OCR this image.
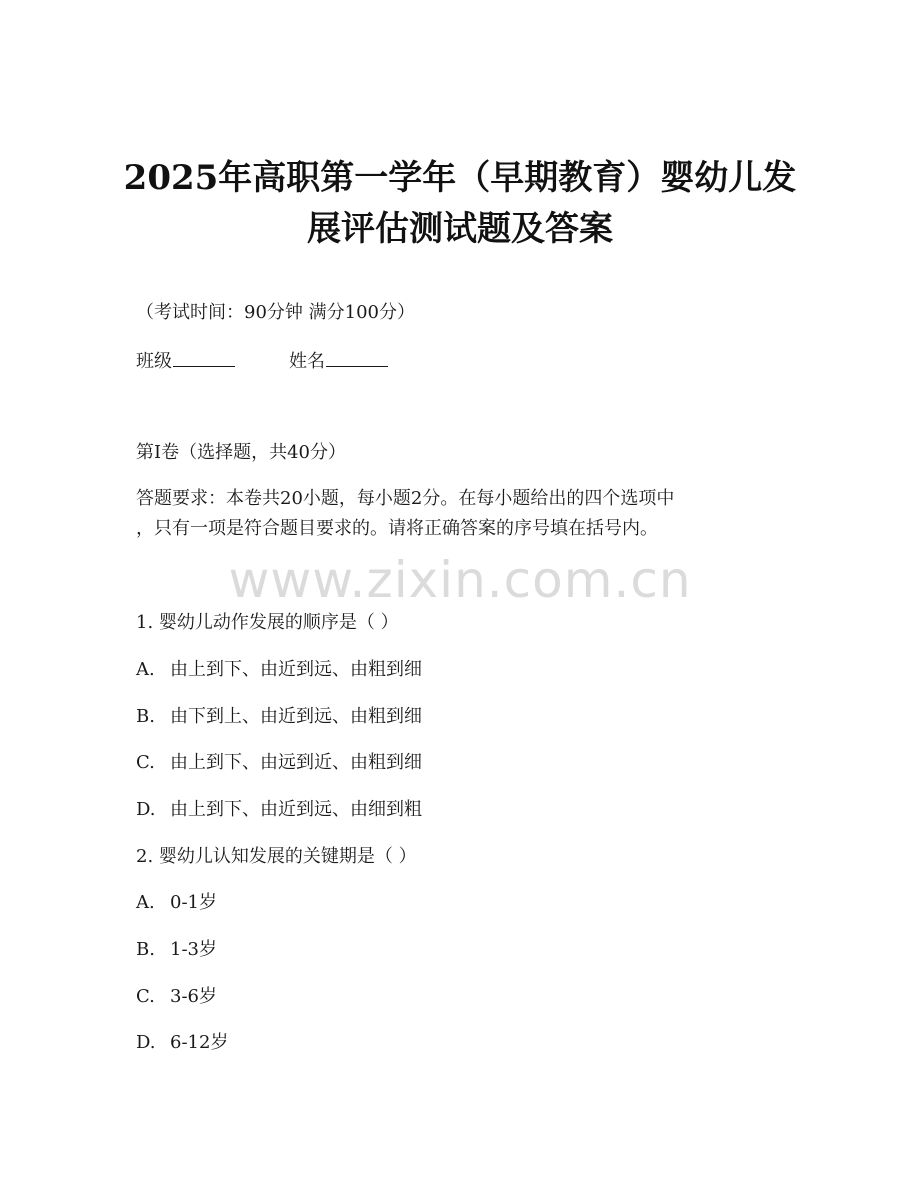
2025年高职第一学年（早期教育）婴幼儿发
展评估测试题及答案
（考试时间：90分钟 满分100分）
班级	姓名
第I卷（选择题，共40分）
答题要求：本卷共20小题，每小题2分。在每小题给出的四个选项中
，只有一项是符合题目要求的。请将正确答案的序号填在括号内。
www.zixin.com.cn
1. 婴幼儿动作发展的顺序是（ ）
A. 由上到下、由近到远、由粗到细
B. 由下到上、由近到远、由粗到细
C. 由上到下、由远到近、由粗到细
D. 由上到下、由近到远、由细到粗
2. 婴幼儿认知发展的关键期是（ ）
A. 0-1岁
B. 1-3岁
C. 3-6岁
D. 6-12岁
